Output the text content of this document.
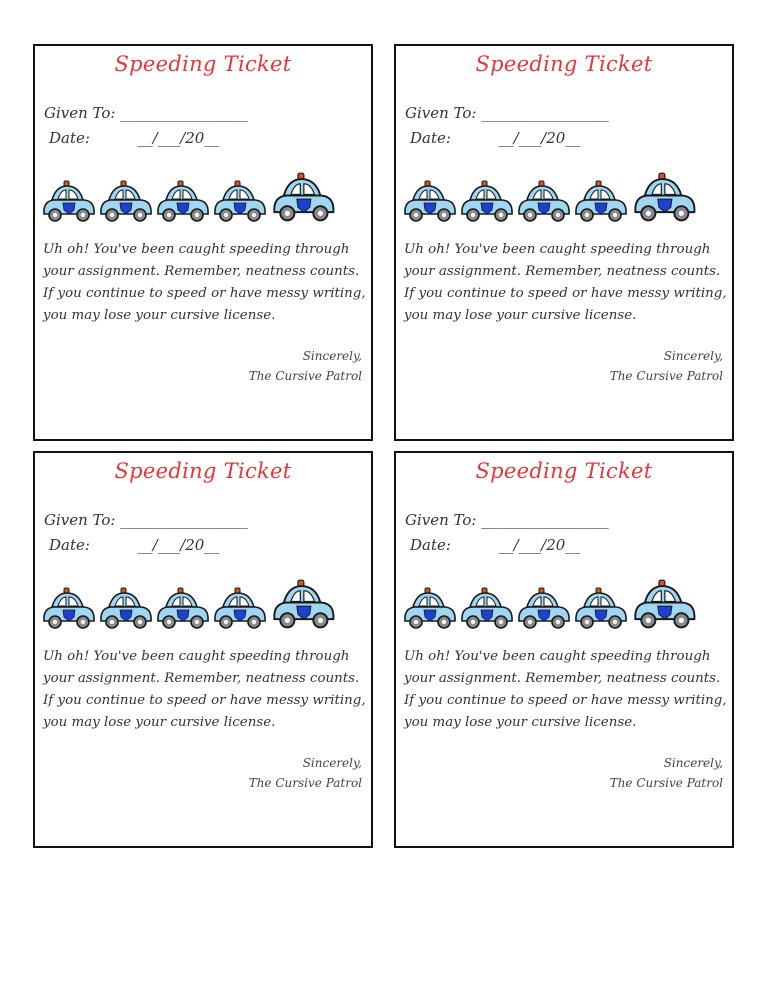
Speeding Ticket
Given To: _________________
Date:          __/___/20__
Uh oh! You've been caught speeding through your assignment. Remember, neatness counts. If you continue to speed or have messy writing, you may lose your cursive license.
Sincerely,
The Cursive Patrol
Speeding Ticket
Given To: _________________
Date:          __/___/20__
Uh oh! You've been caught speeding through your assignment. Remember, neatness counts. If you continue to speed or have messy writing, you may lose your cursive license.
Sincerely,
The Cursive Patrol
Speeding Ticket
Given To: _________________
Date:          __/___/20__
Uh oh! You've been caught speeding through your assignment. Remember, neatness counts. If you continue to speed or have messy writing, you may lose your cursive license.
Sincerely,
The Cursive Patrol
Speeding Ticket
Given To: _________________
Date:          __/___/20__
Uh oh! You've been caught speeding through your assignment. Remember, neatness counts. If you continue to speed or have messy writing, you may lose your cursive license.
Sincerely,
The Cursive Patrol
